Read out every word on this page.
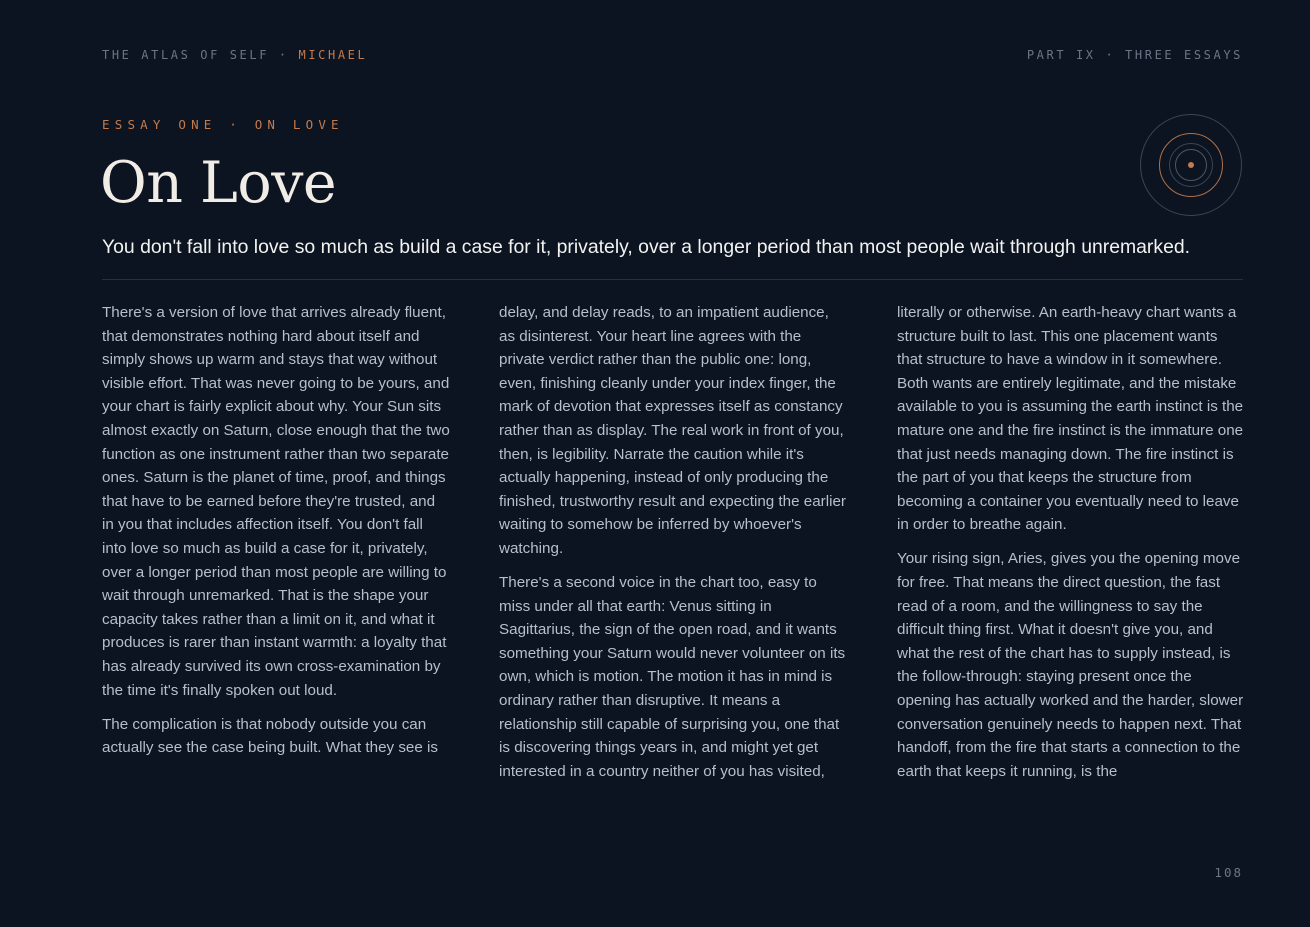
THE ATLAS OF SELF · MICHAEL	PART IX · THREE ESSAYS
ESSAY ONE · ON LOVE
On Love

You don't fall into love so much as build a case for it, privately, over a longer period than most people wait through unremarked.

There's a version of love that arrives already fluent, that demonstrates nothing hard about itself and simply shows up warm and stays that way without visible effort. That was never going to be yours, and your chart is fairly explicit about why. Your Sun sits almost exactly on Saturn, close enough that the two function as one instrument rather than two separate ones. Saturn is the planet of time, proof, and things that have to be earned before they're trusted, and in you that includes affection itself. You don't fall into love so much as build a case for it, privately, over a longer period than most people are willing to wait through unremarked. That is the shape your capacity takes rather than a limit on it, and what it produces is rarer than instant warmth: a loyalty that has already survived its own cross-examination by the time it's finally spoken out loud.

The complication is that nobody outside you can actually see the case being built. What they see is

delay, and delay reads, to an impatient audience, as disinterest. Your heart line agrees with the private verdict rather than the public one: long, even, finishing cleanly under your index finger, the mark of devotion that expresses itself as constancy rather than as display. The real work in front of you, then, is legibility. Narrate the caution while it's actually happening, instead of only producing the finished, trustworthy result and expecting the earlier waiting to somehow be inferred by whoever's watching.

There's a second voice in the chart too, easy to miss under all that earth: Venus sitting in Sagittarius, the sign of the open road, and it wants something your Saturn would never volunteer on its own, which is motion. The motion it has in mind is ordinary rather than disruptive. It means a relationship still capable of surprising you, one that is discovering things years in, and might yet get interested in a country neither of you has visited,

literally or otherwise. An earth-heavy chart wants a structure built to last. This one placement wants that structure to have a window in it somewhere. Both wants are entirely legitimate, and the mistake available to you is assuming the earth instinct is the mature one and the fire instinct is the immature one that just needs managing down. The fire instinct is the part of you that keeps the structure from becoming a container you eventually need to leave in order to breathe again.

Your rising sign, Aries, gives you the opening move for free. That means the direct question, the fast read of a room, and the willingness to say the difficult thing first. What it doesn't give you, and what the rest of the chart has to supply instead, is the follow-through: staying present once the opening has actually worked and the harder, slower conversation genuinely needs to happen next. That handoff, from the fire that starts a connection to the earth that keeps it running, is the

108
